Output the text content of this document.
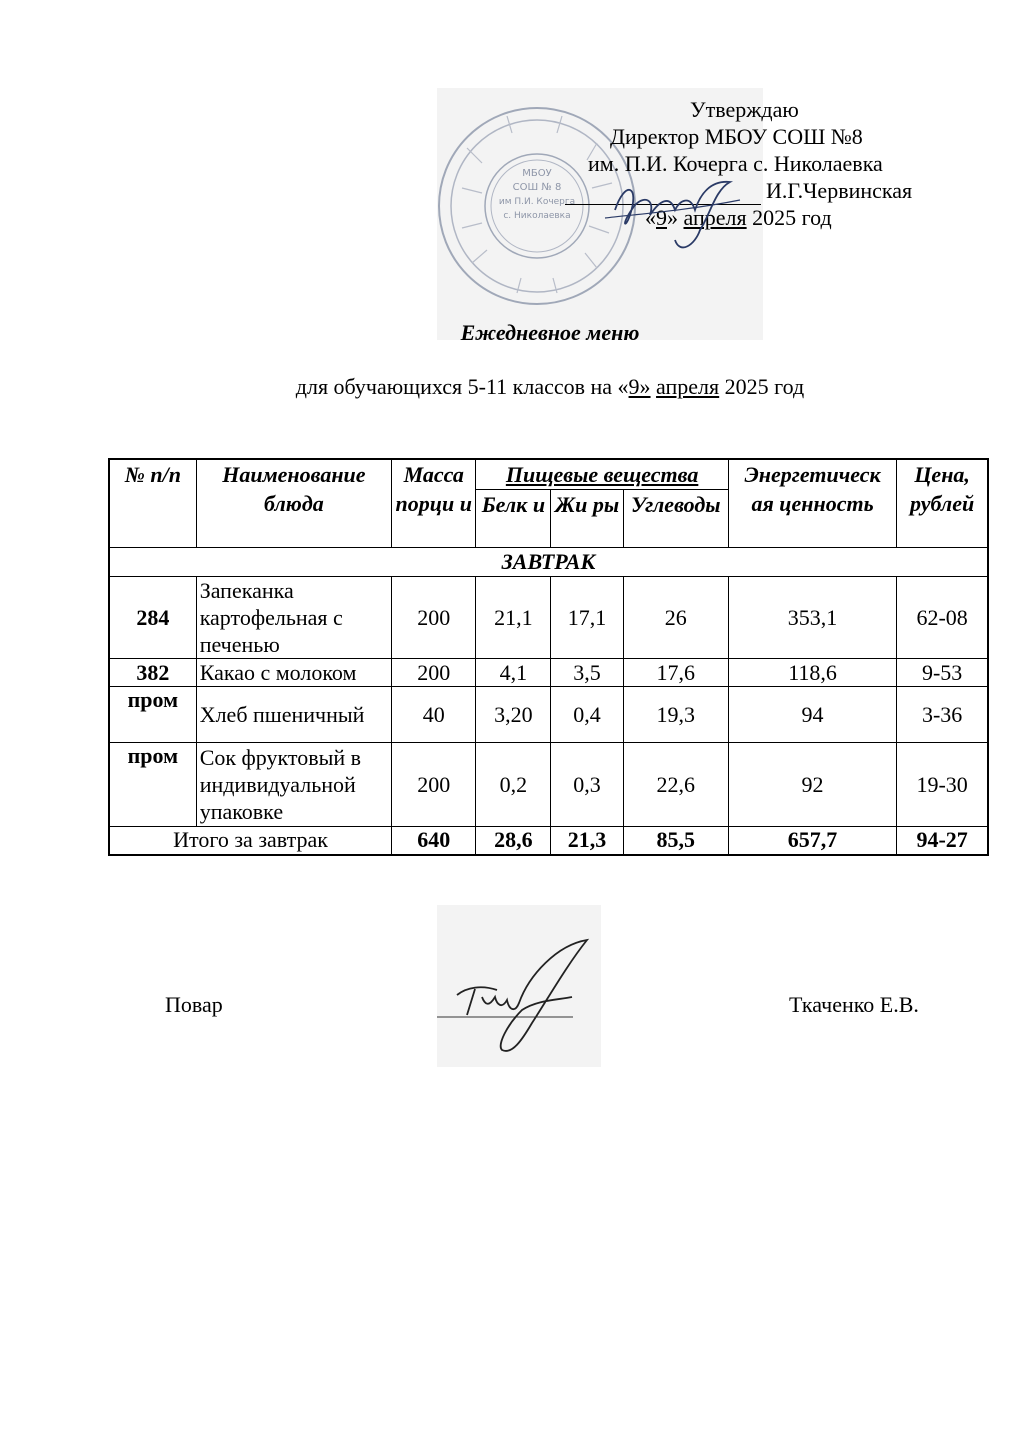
МБОУ
СОШ № 8
им П.И. Кочерга
с. Николаевка
Утверждаю
Директор МБОУ СОШ №8
им. П.И. Кочерга с. Николаевка
И.Г.Червинская
«9» апреля 2025 год
Ежедневное меню
для обучающихся 5-11 классов на «9» апреля 2025 год
№ п/п	Наименование блюда	Масса порци и	Пищевые вещества			Энергетическ ая ценность	Цена, рублей
			Белк и	Жи ры	Углеводы		
ЗАВТРАК							
284	Запеканка картофельная с печенью	200	21,1	17,1	26	353,1	62-08
382	Какао с молоком	200	4,1	3,5	17,6	118,6	9-53
пром	Хлеб пшеничный	40	3,20	0,4	19,3	94	3-36
пром	Сок фруктовый в индивидуальной упаковке	200	0,2	0,3	22,6	92	19-30
Итого за завтрак		640	28,6	21,3	85,5	657,7	94-27
Повар	Ткаченко Е.В.
